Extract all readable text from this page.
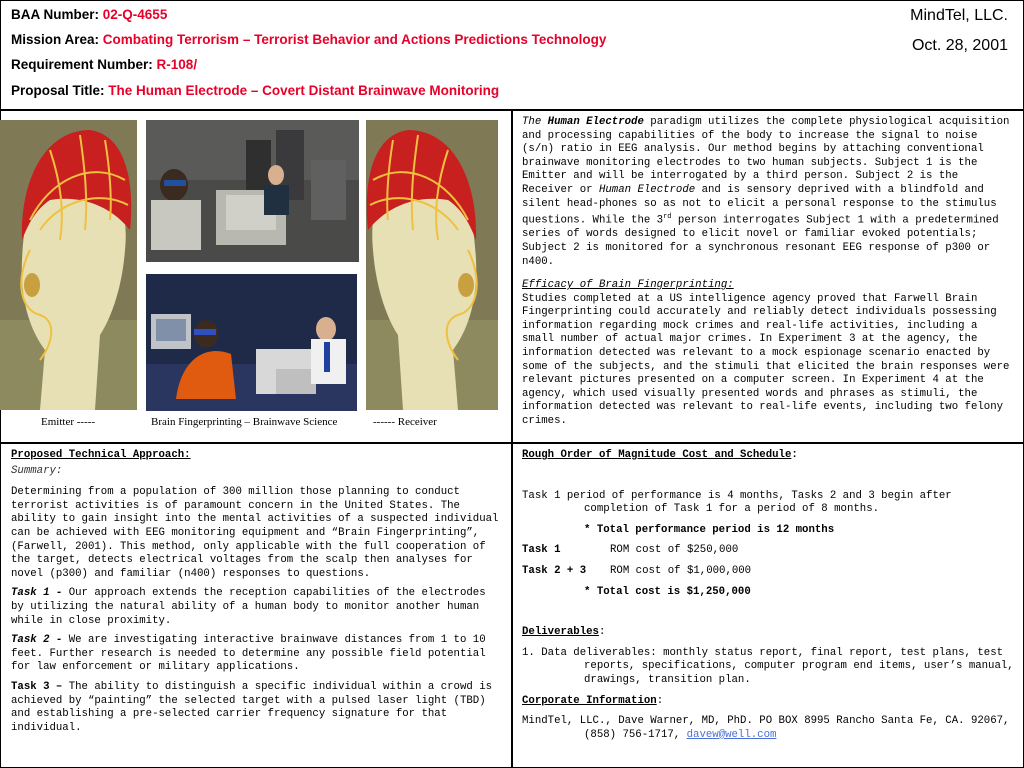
BAA Number: 02-Q-4655
Mission Area: Combating Terrorism – Terrorist Behavior and Actions Predictions Technology
Requirement Number: R-108/
Proposal Title: The Human Electrode – Covert Distant Brainwave Monitoring
MindTel, LLC.
Oct. 28, 2001
Emitter -----	Brain Fingerprinting – Brainwave Science	------ Receiver

The Human Electrode paradigm utilizes the complete physiological acquisition and processing capabilities of the body to increase the signal to noise (s/n) ratio in EEG analysis. Our method begins by attaching conventional brainwave monitoring electrodes to two human subjects. Subject 1 is the Emitter and will be interrogated by a third person. Subject 2 is the Receiver or Human Electrode and is sensory deprived with a blindfold and silent head-phones so as not to elicit a personal response to the stimulus questions. While the 3rd person interrogates Subject 1 with a predetermined series of words designed to elicit novel or familiar evoked potentials; Subject 2 is monitored for a synchronous resonant EEG response of p300 or n400.

Efficacy of Brain Fingerprinting:
Studies completed at a US intelligence agency proved that Farwell Brain Fingerprinting could accurately and reliably detect individuals possessing information regarding mock crimes and real-life activities, including a small number of actual major crimes. In Experiment 3 at the agency, the information detected was relevant to a mock espionage scenario enacted by some of the subjects, and the stimuli that elicited the brain responses were relevant pictures presented on a computer screen. In Experiment 4 at the agency, which used visually presented words and phrases as stimuli, the information detected was relevant to real-life events, including two felony crimes.

Proposed Technical Approach:

Summary:

Determining from a population of 300 million those planning to conduct terrorist activities is of paramount concern in the United States. The ability to gain insight into the mental activities of a suspected individual can be achieved with EEG monitoring equipment and “Brain Fingerprinting”, (Farwell, 2001). This method, only applicable with the full cooperation of the target, detects electrical voltages from the scalp then analyses for novel (p300) and familiar (n400) responses to questions.

Task 1 - Our approach extends the reception capabilities of the electrodes by utilizing the natural ability of a human body to monitor another human while in close proximity.

Task 2 - We are investigating interactive brainwave distances from 1 to 10 feet. Further research is needed to determine any possible field potential for law enforcement or military applications.

Task 3 – The ability to distinguish a specific individual within a crowd is achieved by “painting” the selected target with a pulsed laser light (TBD) and establishing a pre-selected carrier frequency signature for that individual.

Rough Order of Magnitude Cost and Schedule:

Task 1 period of performance is 4 months, Tasks 2 and 3 begin after completion of Task 1 for a period of 8 months.

* Total performance period is 12 months

Task 1	ROM cost of $250,000

Task 2 + 3 ROM cost of $1,000,000

* Total cost is $1,250,000

Deliverables:

1. Data deliverables: monthly status report, final report, test plans, test reports, specifications, computer program end items, user’s manual, drawings, transition plan.

Corporate Information:

MindTel, LLC., Dave Warner, MD, PhD. PO BOX 8995 Rancho Santa Fe, CA. 92067, (858) 756-1717, davew@well.com
